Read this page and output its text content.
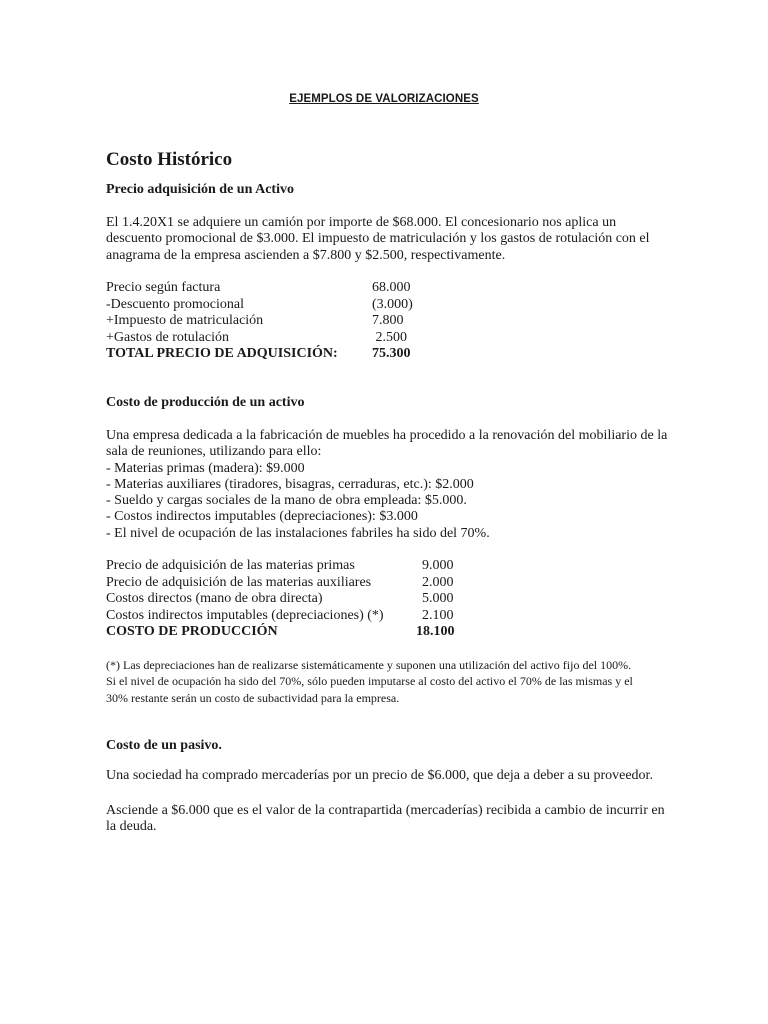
EJEMPLOS DE VALORIZACIONES
Costo Histórico
Precio adquisición de un Activo
El 1.4.20X1 se adquiere un camión por importe de $68.000. El concesionario nos aplica un
descuento promocional de $3.000. El impuesto de matriculación y los gastos de rotulación con el
anagrama de la empresa ascienden a $7.800 y $2.500, respectivamente.
Precio según factura	68.000
-Descuento promocional	(3.000)
+Impuesto de matriculación	7.800
+Gastos de rotulación	2.500
TOTAL PRECIO DE ADQUISICIÓN: 75.300
Costo de producción de un activo
Una empresa dedicada a la fabricación de muebles ha procedido a la renovación del mobiliario de la
sala de reuniones, utilizando para ello:
- Materias primas (madera): $9.000
- Materias auxiliares (tiradores, bisagras, cerraduras, etc.): $2.000
- Sueldo y cargas sociales de la mano de obra empleada: $5.000.
- Costos indirectos imputables (depreciaciones): $3.000
- El nivel de ocupación de las instalaciones fabriles ha sido del 70%.
Precio de adquisición de las materias primas	9.000
Precio de adquisición de las materias auxiliares	2.000
Costos directos (mano de obra directa)	5.000
Costos indirectos imputables (depreciaciones) (*)	2.100
COSTO DE PRODUCCIÓN	18.100
(*) Las depreciaciones han de realizarse sistemáticamente y suponen una utilización del activo fijo del 100%.
Si el nivel de ocupación ha sido del 70%, sólo pueden imputarse al costo del activo el 70% de las mismas y el
30% restante serán un costo de subactividad para la empresa.
Costo de un pasivo.
Una sociedad ha comprado mercaderías por un precio de $6.000, que deja a deber a su proveedor.
Asciende a $6.000 que es el valor de la contrapartida (mercaderías) recibida a cambio de incurrir en
la deuda.
